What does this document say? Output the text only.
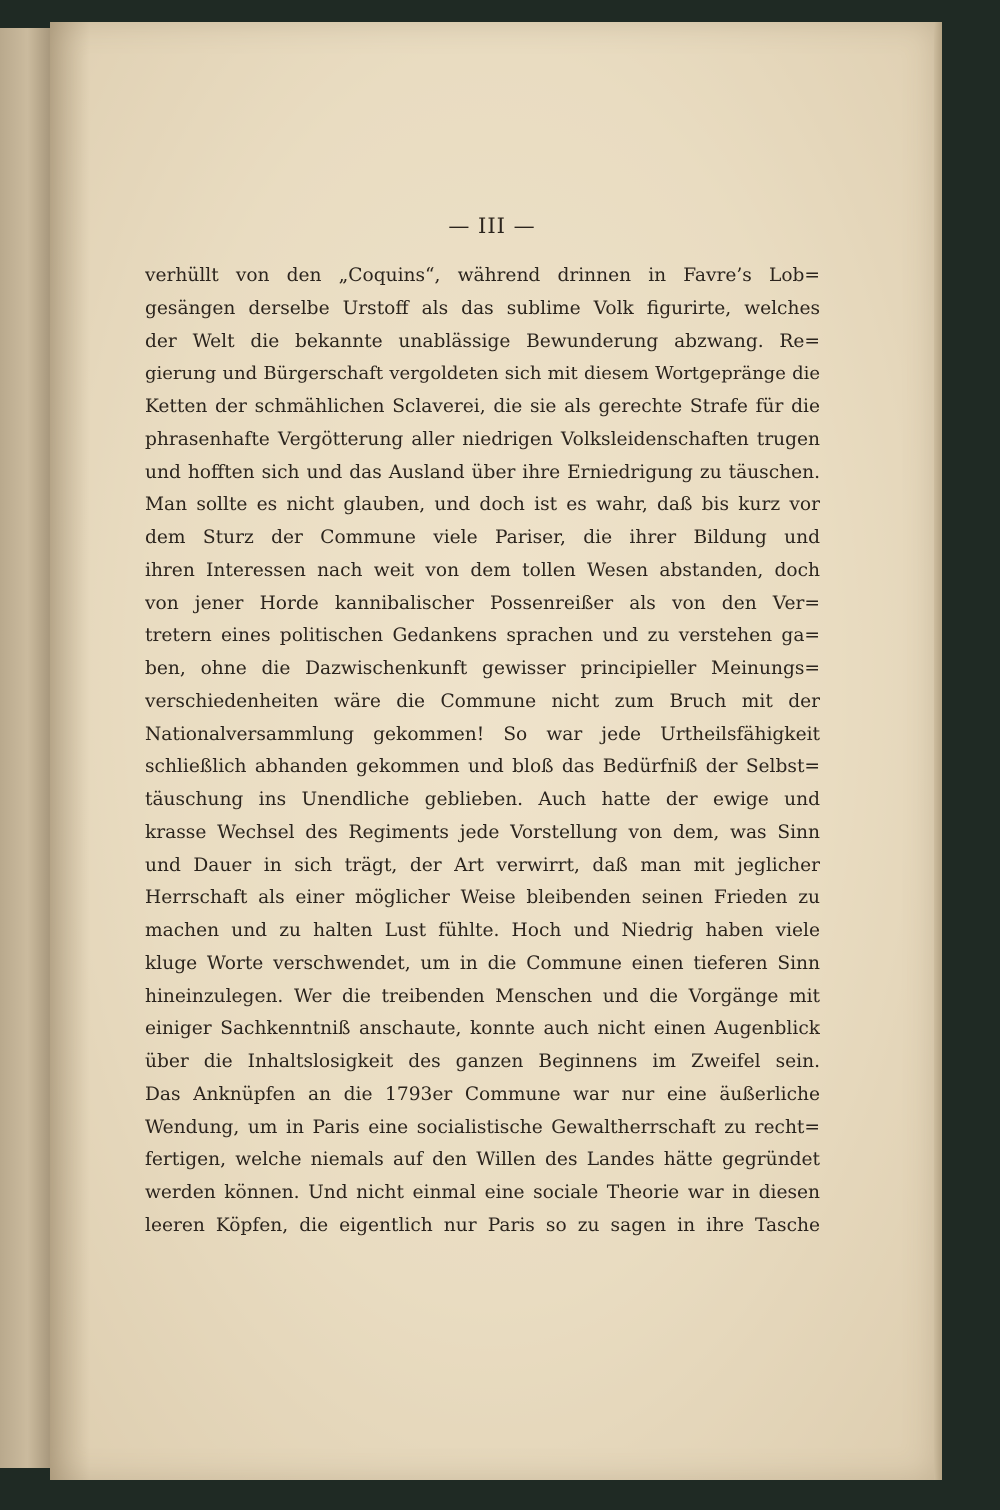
— III —
verhüllt von den „Coquins“, während drinnen in Favre’s Lob=
gesängen derselbe Urstoff als das sublime Volk figurirte, welches
der Welt die bekannte unablässige Bewunderung abzwang. Re=
gierung und Bürgerschaft vergoldeten sich mit diesem Wortgepränge die
Ketten der schmählichen Sclaverei, die sie als gerechte Strafe für die
phrasenhafte Vergötterung aller niedrigen Volksleidenschaften trugen
und hofften sich und das Ausland über ihre Erniedrigung zu täuschen.
Man sollte es nicht glauben, und doch ist es wahr, daß bis kurz vor
dem Sturz der Commune viele Pariser, die ihrer Bildung und
ihren Interessen nach weit von dem tollen Wesen abstanden, doch
von jener Horde kannibalischer Possenreißer als von den Ver=
tretern eines politischen Gedankens sprachen und zu verstehen ga=
ben, ohne die Dazwischenkunft gewisser principieller Meinungs=
verschiedenheiten wäre die Commune nicht zum Bruch mit der
Nationalversammlung gekommen! So war jede Urtheilsfähigkeit
schließlich abhanden gekommen und bloß das Bedürfniß der Selbst=
täuschung ins Unendliche geblieben. Auch hatte der ewige und
krasse Wechsel des Regiments jede Vorstellung von dem, was Sinn
und Dauer in sich trägt, der Art verwirrt, daß man mit jeglicher
Herrschaft als einer möglicher Weise bleibenden seinen Frieden zu
machen und zu halten Lust fühlte. Hoch und Niedrig haben viele
kluge Worte verschwendet, um in die Commune einen tieferen Sinn
hineinzulegen. Wer die treibenden Menschen und die Vorgänge mit
einiger Sachkenntniß anschaute, konnte auch nicht einen Augenblick
über die Inhaltslosigkeit des ganzen Beginnens im Zweifel sein.
Das Anknüpfen an die 1793er Commune war nur eine äußerliche
Wendung, um in Paris eine socialistische Gewaltherrschaft zu recht=
fertigen, welche niemals auf den Willen des Landes hätte gegründet
werden können. Und nicht einmal eine sociale Theorie war in diesen
leeren Köpfen, die eigentlich nur Paris so zu sagen in ihre Tasche
